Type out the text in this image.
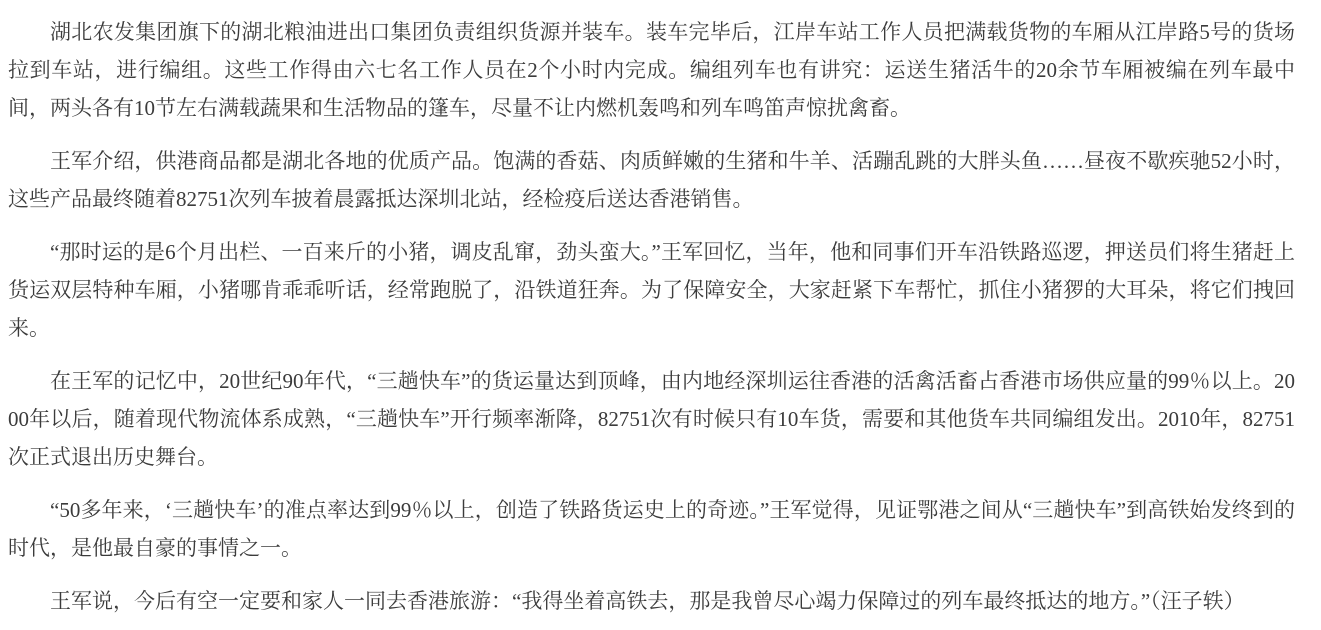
湖北农发集团旗下的湖北粮油进出口集团负责组织货源并装车。装车完毕后，江岸车站工作人员把满载货物的车厢从江岸路5号的货场拉到车站，进行编组。这些工作得由六七名工作人员在2个小时内完成。编组列车也有讲究：运送生猪活牛的20余节车厢被编在列车最中间，两头各有10节左右满载蔬果和生活物品的篷车，尽量不让内燃机轰鸣和列车鸣笛声惊扰禽畜。

王军介绍，供港商品都是湖北各地的优质产品。饱满的香菇、肉质鲜嫩的生猪和牛羊、活蹦乱跳的大胖头鱼……昼夜不歇疾驰52小时，这些产品最终随着82751次列车披着晨露抵达深圳北站，经检疫后送达香港销售。

“那时运的是6个月出栏、一百来斤的小猪，调皮乱窜，劲头蛮大。”王军回忆，当年，他和同事们开车沿铁路巡逻，押送员们将生猪赶上货运双层特种车厢，小猪哪肯乖乖听话，经常跑脱了，沿铁道狂奔。为了保障安全，大家赶紧下车帮忙，抓住小猪猡的大耳朵，将它们拽回来。

在王军的记忆中，20世纪90年代，“三趟快车”的货运量达到顶峰，由内地经深圳运往香港的活禽活畜占香港市场供应量的99％以上。2000年以后，随着现代物流体系成熟，“三趟快车”开行频率渐降，82751次有时候只有10车货，需要和其他货车共同编组发出。2010年，82751次正式退出历史舞台。

“50多年来，‘三趟快车’的准点率达到99％以上，创造了铁路货运史上的奇迹。”王军觉得，见证鄂港之间从“三趟快车”到高铁始发终到的时代，是他最自豪的事情之一。

王军说，今后有空一定要和家人一同去香港旅游：“我得坐着高铁去，那是我曾尽心竭力保障过的列车最终抵达的地方。”（汪子轶）
